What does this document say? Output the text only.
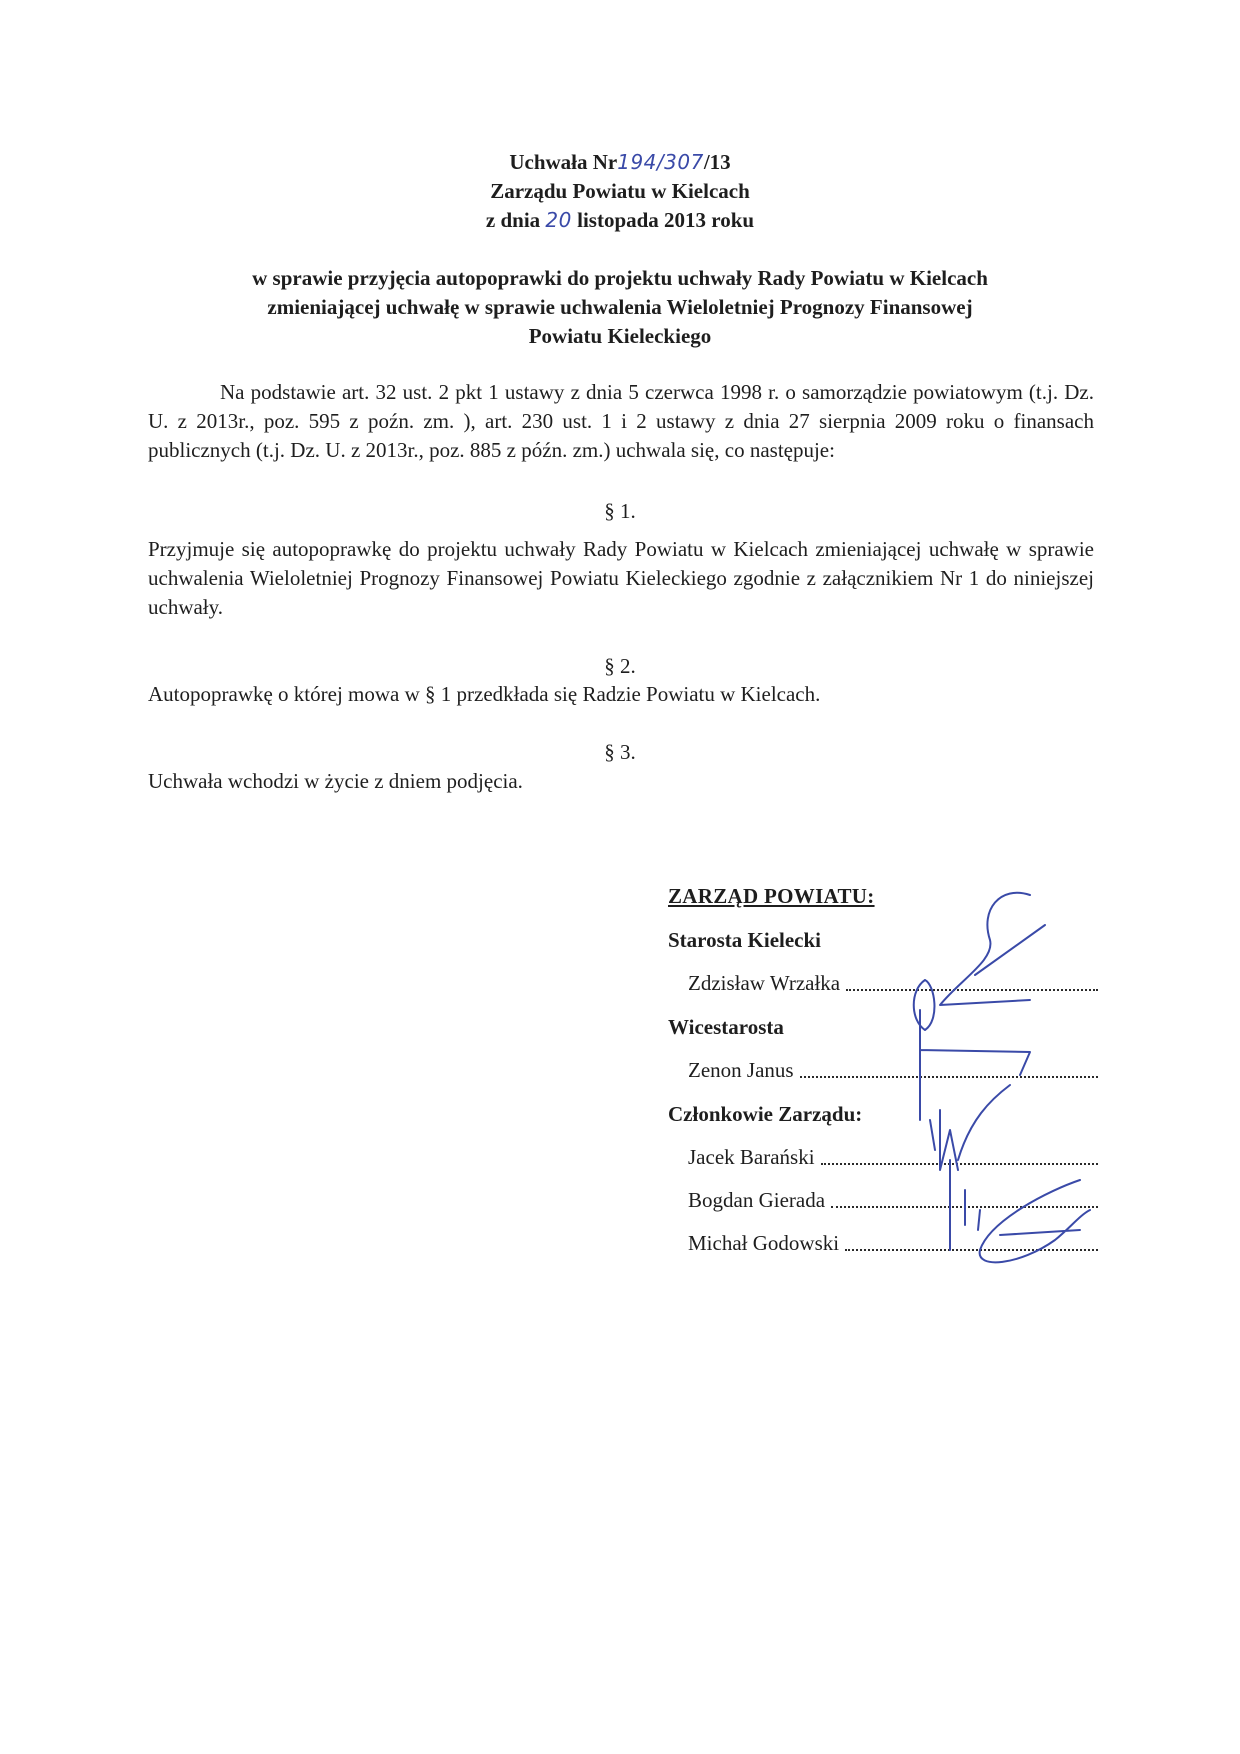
Uchwała Nr194/307/13
Zarządu Powiatu w Kielcach
z dnia 20 listopada 2013 roku
w sprawie przyjęcia autopoprawki do projektu uchwały Rady Powiatu w Kielcach
zmieniającej uchwałę w sprawie uchwalenia Wieloletniej Prognozy Finansowej
Powiatu Kieleckiego
Na podstawie art. 32 ust. 2 pkt 1 ustawy z dnia 5 czerwca 1998 r. o samorządzie powiatowym (t.j. Dz. U. z 2013r., poz. 595 z poźn. zm. ), art. 230 ust. 1 i 2 ustawy z dnia 27 sierpnia 2009 roku o finansach publicznych (t.j. Dz. U. z 2013r., poz. 885 z późn. zm.) uchwala się, co następuje:
§ 1.
Przyjmuje się autopoprawkę do projektu uchwały Rady Powiatu w Kielcach zmieniającej uchwałę w sprawie uchwalenia Wieloletniej Prognozy Finansowej Powiatu Kieleckiego zgodnie z załącznikiem Nr 1 do niniejszej uchwały.
§ 2.
Autopoprawkę o której mowa w § 1 przedkłada się Radzie Powiatu w Kielcach.
§ 3.
Uchwała wchodzi w życie z dniem podjęcia.
ZARZĄD POWIATU:
Starosta Kielecki
Zdzisław Wrzałka
Wicestarosta
Zenon Janus
Członkowie Zarządu:
Jacek Barański
Bogdan Gierada
Michał Godowski
